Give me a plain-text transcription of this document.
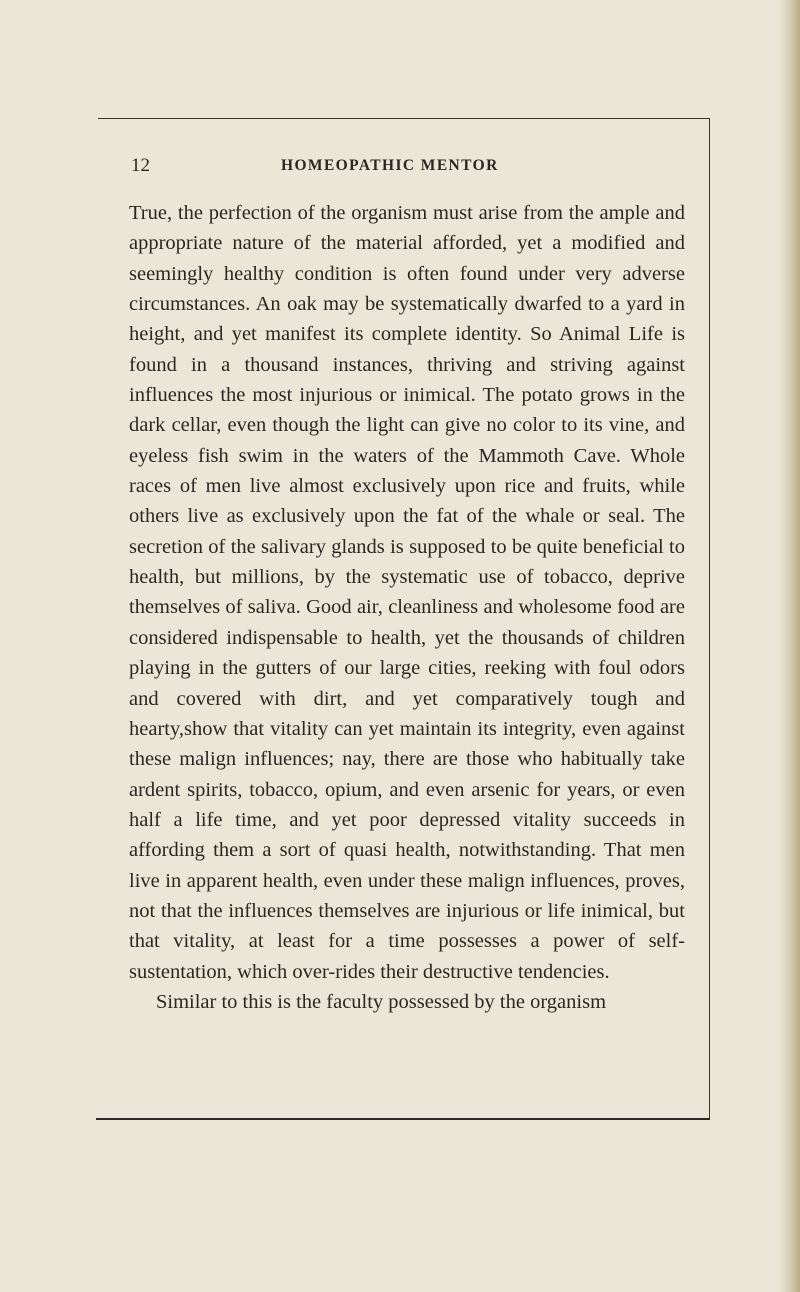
12	HOMEOPATHIC MENTOR

True, the perfection of the organism must arise from the ample and appropriate nature of the material afforded, yet a modified and seemingly healthy condition is often found under very adverse circumstances. An oak may be systematically dwarfed to a yard in height, and yet manifest its complete identity. So Animal Life is found in a thousand instances, thriving and striving against influences the most injurious or inimical. The potato grows in the dark cellar, even though the light can give no color to its vine, and eyeless fish swim in the waters of the Mammoth Cave. Whole races of men live almost exclusively upon rice and fruits, while others live as exclusively upon the fat of the whale or seal. The secretion of the salivary glands is supposed to be quite beneficial to health, but millions, by the systematic use of tobacco, deprive themselves of saliva. Good air, cleanliness and wholesome food are considered indispensable to health, yet the thousands of children playing in the gutters of our large cities, reeking with foul odors and covered with dirt, and yet comparatively tough and hearty,show that vitality can yet maintain its integrity, even against these malign influences; nay, there are those who habitually take ardent spirits, tobacco, opium, and even arsenic for years, or even half a life time, and yet poor depressed vitality succeeds in affording them a sort of quasi health, notwithstanding. That men live in apparent health, even under these malign influences, proves, not that the influences themselves are injurious or life inimical, but that vitality, at least for a time possesses a power of self-sustentation, which over-rides their destructive tendencies.

Similar to this is the faculty possessed by the organism
